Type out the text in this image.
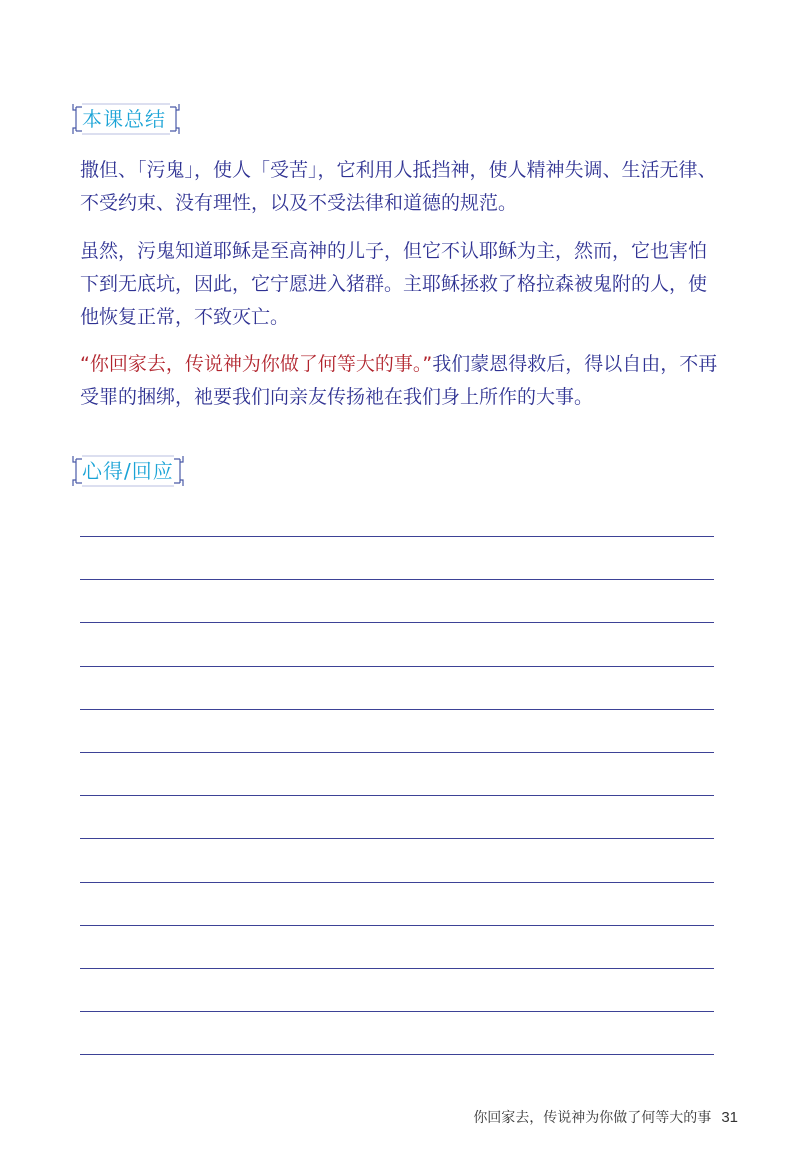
本课总结

撒但、「污鬼」，使人「受苦」，它利用人抵挡神，使人精神失调、生活无律、不受约束、没有理性，以及不受法律和道德的规范。

虽然，污鬼知道耶稣是至高神的儿子，但它不认耶稣为主，然而，它也害怕下到无底坑，因此，它宁愿进入猪群。主耶稣拯救了格拉森被鬼附的人，使他恢复正常，不致灭亡。

“你回家去，传说神为你做了何等大的事。”我们蒙恩得救后，得以自由，不再受罪的捆绑，祂要我们向亲友传扬祂在我们身上所作的大事。

心得/回应
你回家去，传说神为你做了何等大的事 31
